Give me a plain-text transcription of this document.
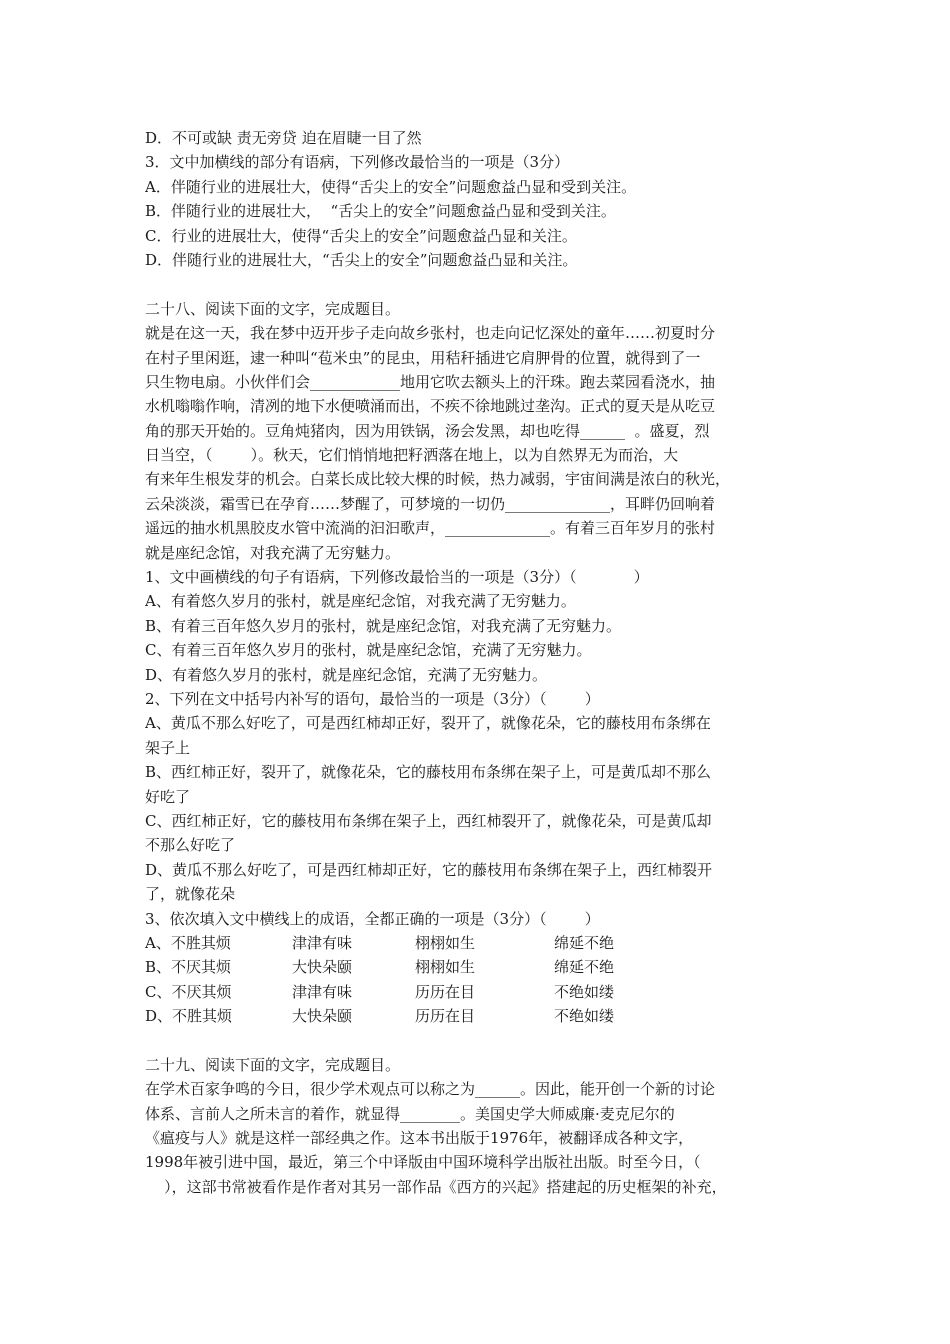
D．不可或缺 责无旁贷 迫在眉睫一目了然
3．文中加横线的部分有语病，下列修改最恰当的一项是（3分）
A．伴随行业的进展壮大，使得“舌尖上的安全”问题愈益凸显和受到关注。
B．伴随行业的进展壮大，  “舌尖上的安全”问题愈益凸显和受到关注。
C．行业的进展壮大，使得“舌尖上的安全”问题愈益凸显和关注。
D．伴随行业的进展壮大，“舌尖上的安全”问题愈益凸显和关注。
二十八、阅读下面的文字，完成题目。
就是在这一天，我在梦中迈开步子走向故乡张村，也走向记忆深处的童年……初夏时分
在村子里闲逛，逮一种叫“苞米虫”的昆虫，用秸秆插进它肩胛骨的位置，就得到了一
只生物电扇。小伙伴们会____________地用它吹去额头上的汗珠。跑去菜园看浇水，抽
水机嗡嗡作响，清冽的地下水便喷涌而出，不疾不徐地跳过垄沟。正式的夏天是从吃豆
角的那天开始的。豆角炖猪肉，因为用铁锅，汤会发黑，却也吃得______  。盛夏，烈
日当空，（        ）。秋天，它们悄悄地把籽洒落在地上，以为自然界无为而治，大
有来年生根发芽的机会。白菜长成比较大棵的时候，热力减弱，宇宙间满是浓白的秋光，
云朵淡淡，霜雪已在孕育……梦醒了，可梦境的一切仍______________，耳畔仍回响着
遥远的抽水机黑胶皮水管中流淌的汩汩歌声，______________。有着三百年岁月的张村
就是座纪念馆，对我充满了无穷魅力。
1、文中画横线的句子有语病，下列修改最恰当的一项是（3分）（            ）
A、有着悠久岁月的张村，就是座纪念馆，对我充满了无穷魅力。
B、有着三百年悠久岁月的张村，就是座纪念馆，对我充满了无穷魅力。
C、有着三百年悠久岁月的张村，就是座纪念馆，充满了无穷魅力。
D、有着悠久岁月的张村，就是座纪念馆，充满了无穷魅力。
2、下列在文中括号内补写的语句，最恰当的一项是（3分）（        ）
A、黄瓜不那么好吃了，可是西红柿却正好，裂开了，就像花朵，它的藤枝用布条绑在
架子上
B、西红柿正好，裂开了，就像花朵，它的藤枝用布条绑在架子上，可是黄瓜却不那么
好吃了
C、西红柿正好，它的藤枝用布条绑在架子上，西红柿裂开了，就像花朵，可是黄瓜却
不那么好吃了
D、黄瓜不那么好吃了，可是西红柿却正好，它的藤枝用布条绑在架子上，西红柿裂开
了，就像花朵
3、依次填入文中横线上的成语，全都正确的一项是（3分）（        ）
A、不胜其烦	津津有味	栩栩如生	绵延不绝
B、不厌其烦	大快朵颐	栩栩如生	绵延不绝
C、不厌其烦	津津有味	历历在目	不绝如缕
D、不胜其烦	大快朵颐	历历在目	不绝如缕
二十九、阅读下面的文字，完成题目。
在学术百家争鸣的今日，很少学术观点可以称之为______。因此，能开创一个新的讨论
体系、言前人之所未言的着作，就显得________。美国史学大师威廉·麦克尼尔的
《瘟疫与人》就是这样一部经典之作。这本书出版于1976年，被翻译成各种文字，
1998年被引进中国，最近，第三个中译版由中国环境科学出版社出版。时至今日，（
），这部书常被看作是作者对其另一部作品《西方的兴起》搭建起的历史框架的补充，
